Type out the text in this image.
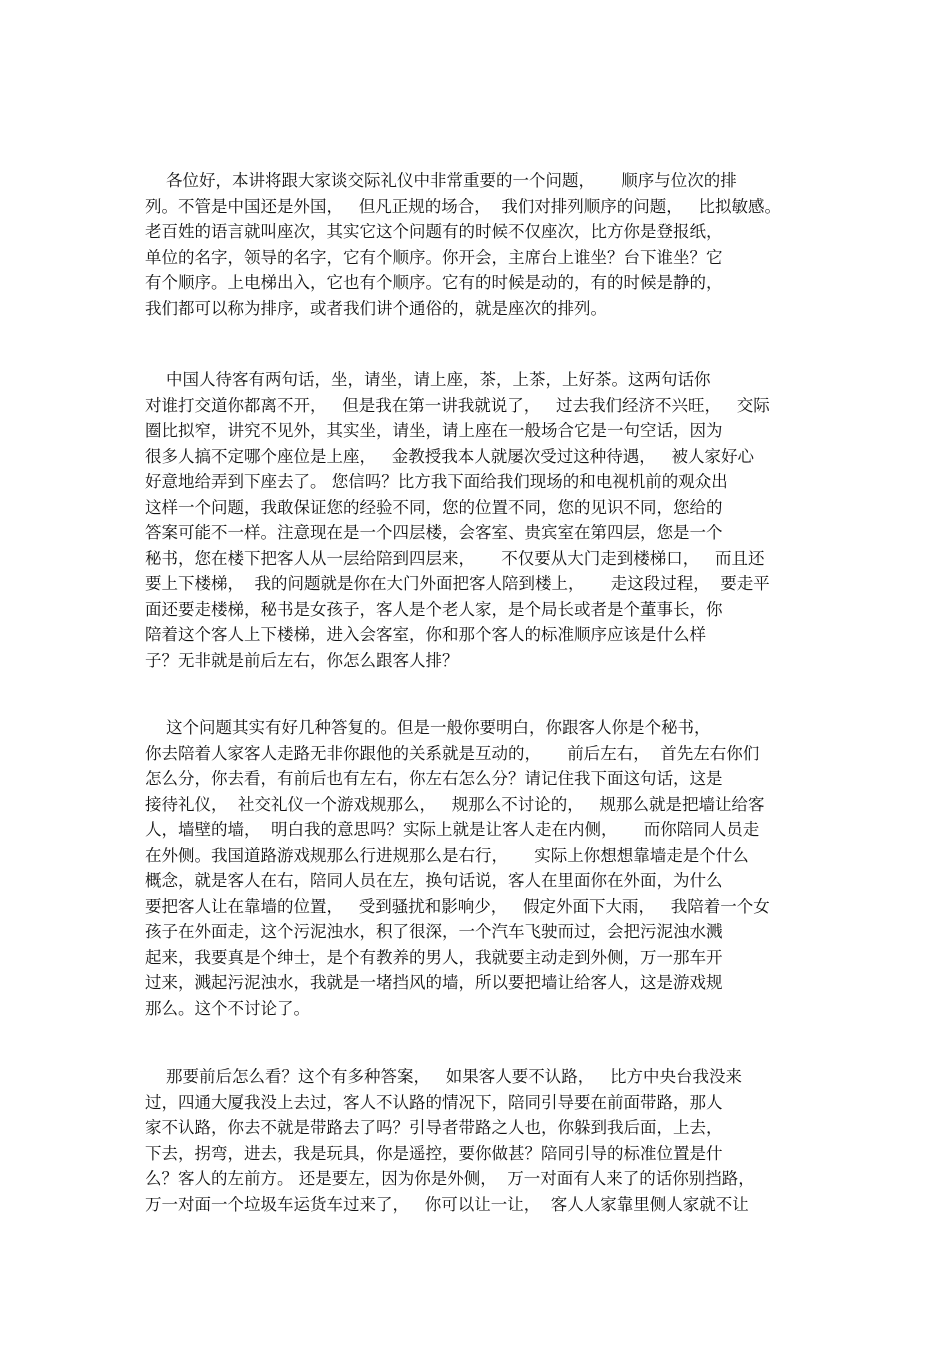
各位好，本讲将跟大家谈交际礼仪中非常重要的一个问题，     顺序与位次的排
列。不管是中国还是外国，   但凡正规的场合，  我们对排列顺序的问题，   比拟敏感。
老百姓的语言就叫座次，其实它这个问题有的时候不仅座次，比方你是登报纸，
单位的名字，领导的名字，它有个顺序。你开会，主席台上谁坐？台下谁坐？它
有个顺序。上电梯出入，它也有个顺序。它有的时候是动的，有的时候是静的，
我们都可以称为排序，或者我们讲个通俗的，就是座次的排列。
中国人待客有两句话，坐，请坐，请上座，茶，上茶，上好茶。这两句话你
对谁打交道你都离不开，   但是我在第一讲我就说了，   过去我们经济不兴旺，   交际
圈比拟窄，讲究不见外，其实坐，请坐，请上座在一般场合它是一句空话，因为
很多人搞不定哪个座位是上座，   金教授我本人就屡次受过这种待遇，   被人家好心
好意地给弄到下座去了。 您信吗？比方我下面给我们现场的和电视机前的观众出
这样一个问题，我敢保证您的经验不同，您的位置不同，您的见识不同，您给的
答案可能不一样。注意现在是一个四层楼，会客室、贵宾室在第四层，您是一个
秘书，您在楼下把客人从一层给陪到四层来，     不仅要从大门走到楼梯口，   而且还
要上下楼梯，  我的问题就是你在大门外面把客人陪到楼上，     走这段过程，  要走平
面还要走楼梯，秘书是女孩子，客人是个老人家，是个局长或者是个董事长，你
陪着这个客人上下楼梯，进入会客室，你和那个客人的标准顺序应该是什么样
子？无非就是前后左右，你怎么跟客人排？
这个问题其实有好几种答复的。但是一般你要明白，你跟客人你是个秘书，
你去陪着人家客人走路无非你跟他的关系就是互动的，     前后左右，  首先左右你们
怎么分，你去看，有前后也有左右，你左右怎么分？请记住我下面这句话，这是
接待礼仪，  社交礼仪一个游戏规那么，   规那么不讨论的，   规那么就是把墙让给客
人，墙壁的墙，  明白我的意思吗？实际上就是让客人走在内侧，     而你陪同人员走
在外侧。我国道路游戏规那么行进规那么是右行，     实际上你想想靠墙走是个什么
概念，就是客人在右，陪同人员在左，换句话说，客人在里面你在外面，为什么
要把客人让在靠墙的位置，   受到骚扰和影响少，   假定外面下大雨，   我陪着一个女
孩子在外面走，这个污泥浊水，积了很深，一个汽车飞驶而过，会把污泥浊水溅
起来，我要真是个绅士，是个有教养的男人，我就要主动走到外侧，万一那车开
过来，溅起污泥浊水，我就是一堵挡风的墙，所以要把墙让给客人，这是游戏规
那么。这个不讨论了。
那要前后怎么看？这个有多种答案，   如果客人要不认路，   比方中央台我没来
过，四通大厦我没上去过，客人不认路的情况下，陪同引导要在前面带路，那人
家不认路，你去不就是带路去了吗？引导者带路之人也，你躲到我后面，上去，
下去，拐弯，进去，我是玩具，你是遥控，要你做甚？陪同引导的标准位置是什
么？客人的左前方。 还是要左，因为你是外侧，  万一对面有人来了的话你别挡路，
万一对面一个垃圾车运货车过来了，   你可以让一让，  客人人家靠里侧人家就不让
